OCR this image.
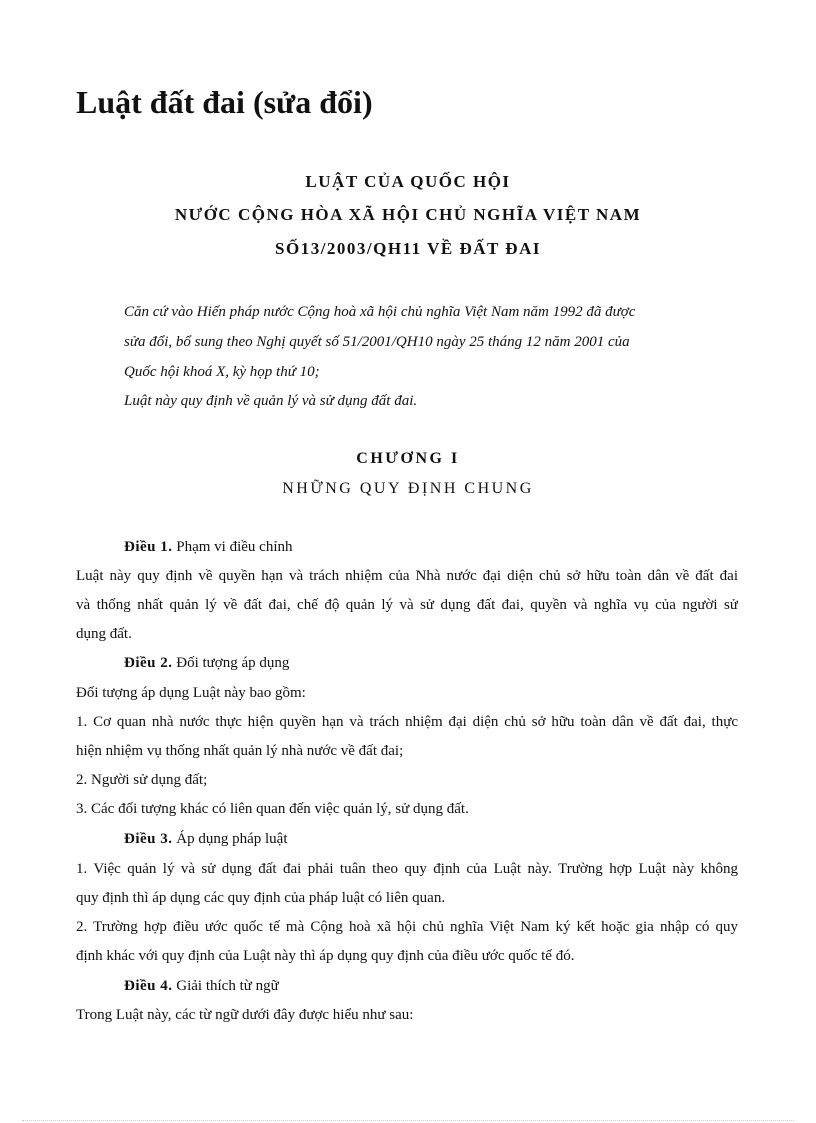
Luật đất đai (sửa đổi)
LUẬT CỦA QUỐC HỘI
NƯỚC CỘNG HÒA XÃ HỘI CHỦ NGHĨA VIỆT NAM
SỐ13/2003/QH11 VỀ ĐẤT ĐAI
Căn cứ vào Hiến pháp nước Cộng hoà xã hội chủ nghĩa Việt Nam năm 1992 đã được
sửa đổi, bổ sung theo Nghị quyết số 51/2001/QH10 ngày 25 tháng 12 năm 2001 của
Quốc hội khoá X, kỳ họp thứ 10;
Luật này quy định về quản lý và sử dụng đất đai.
CHƯƠNG I
NHỮNG QUY ĐỊNH CHUNG
Điều 1. Phạm vi điều chỉnh
Luật này quy định về quyền hạn và trách nhiệm của Nhà nước đại diện chủ sở hữu toàn dân về đất đai
và thống nhất quản lý về đất đai, chế độ quản lý và sử dụng đất đai, quyền và nghĩa vụ của người sử
dụng đất.
Điều 2. Đối tượng áp dụng
Đối tượng áp dụng Luật này bao gồm:
1. Cơ quan nhà nước thực hiện quyền hạn và trách nhiệm đại diện chủ sở hữu toàn dân về đất đai, thực
hiện nhiệm vụ thống nhất quản lý nhà nước về đất đai;
2. Người sử dụng đất;
3. Các đối tượng khác có liên quan đến việc quản lý, sử dụng đất.
Điều 3. Áp dụng pháp luật
1. Việc quản lý và sử dụng đất đai phải tuân theo quy định của Luật này. Trường hợp Luật này không
quy định thì áp dụng các quy định của pháp luật có liên quan.
2. Trường hợp điều ước quốc tế mà Cộng hoà xã hội chủ nghĩa Việt Nam ký kết hoặc gia nhập có quy
định khác với quy định của Luật này thì áp dụng quy định của điều ước quốc tế đó.
Điều 4. Giải thích từ ngữ
Trong Luật này, các từ ngữ dưới đây được hiểu như sau:
